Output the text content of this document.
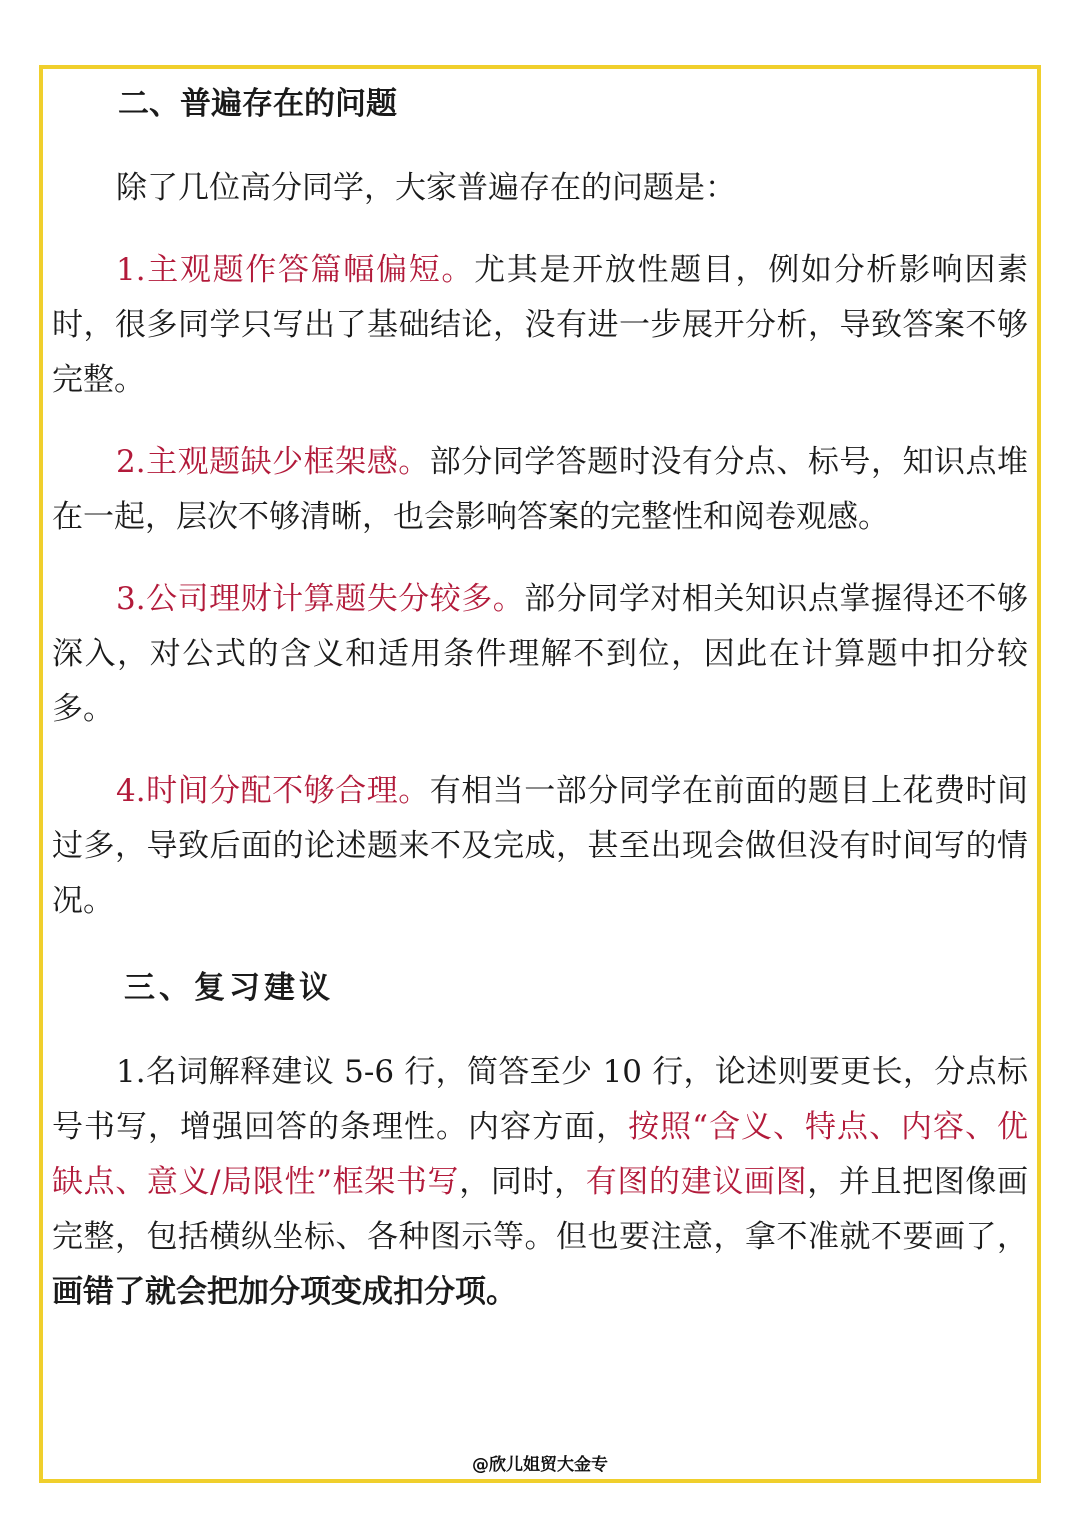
二、普遍存在的问题

除了几位高分同学，大家普遍存在的问题是：

1.主观题作答篇幅偏短。尤其是开放性题目，例如分析影响因素时，很多同学只写出了基础结论，没有进一步展开分析，导致答案不够完整。

2.主观题缺少框架感。部分同学答题时没有分点、标号，知识点堆在一起，层次不够清晰，也会影响答案的完整性和阅卷观感。

3.公司理财计算题失分较多。部分同学对相关知识点掌握得还不够深入，对公式的含义和适用条件理解不到位，因此在计算题中扣分较多。

4.时间分配不够合理。有相当一部分同学在前面的题目上花费时间过多，导致后面的论述题来不及完成，甚至出现会做但没有时间写的情况。

三、复习建议

1.名词解释建议 5-6 行，简答至少 10 行，论述则要更长，分点标号书写，增强回答的条理性。内容方面，按照“含义、特点、内容、优缺点、意义/局限性”框架书写，同时，有图的建议画图，并且把图像画完整，包括横纵坐标、各种图示等。但也要注意，拿不准就不要画了，画错了就会把加分项变成扣分项。

@欣儿姐贸大金专
